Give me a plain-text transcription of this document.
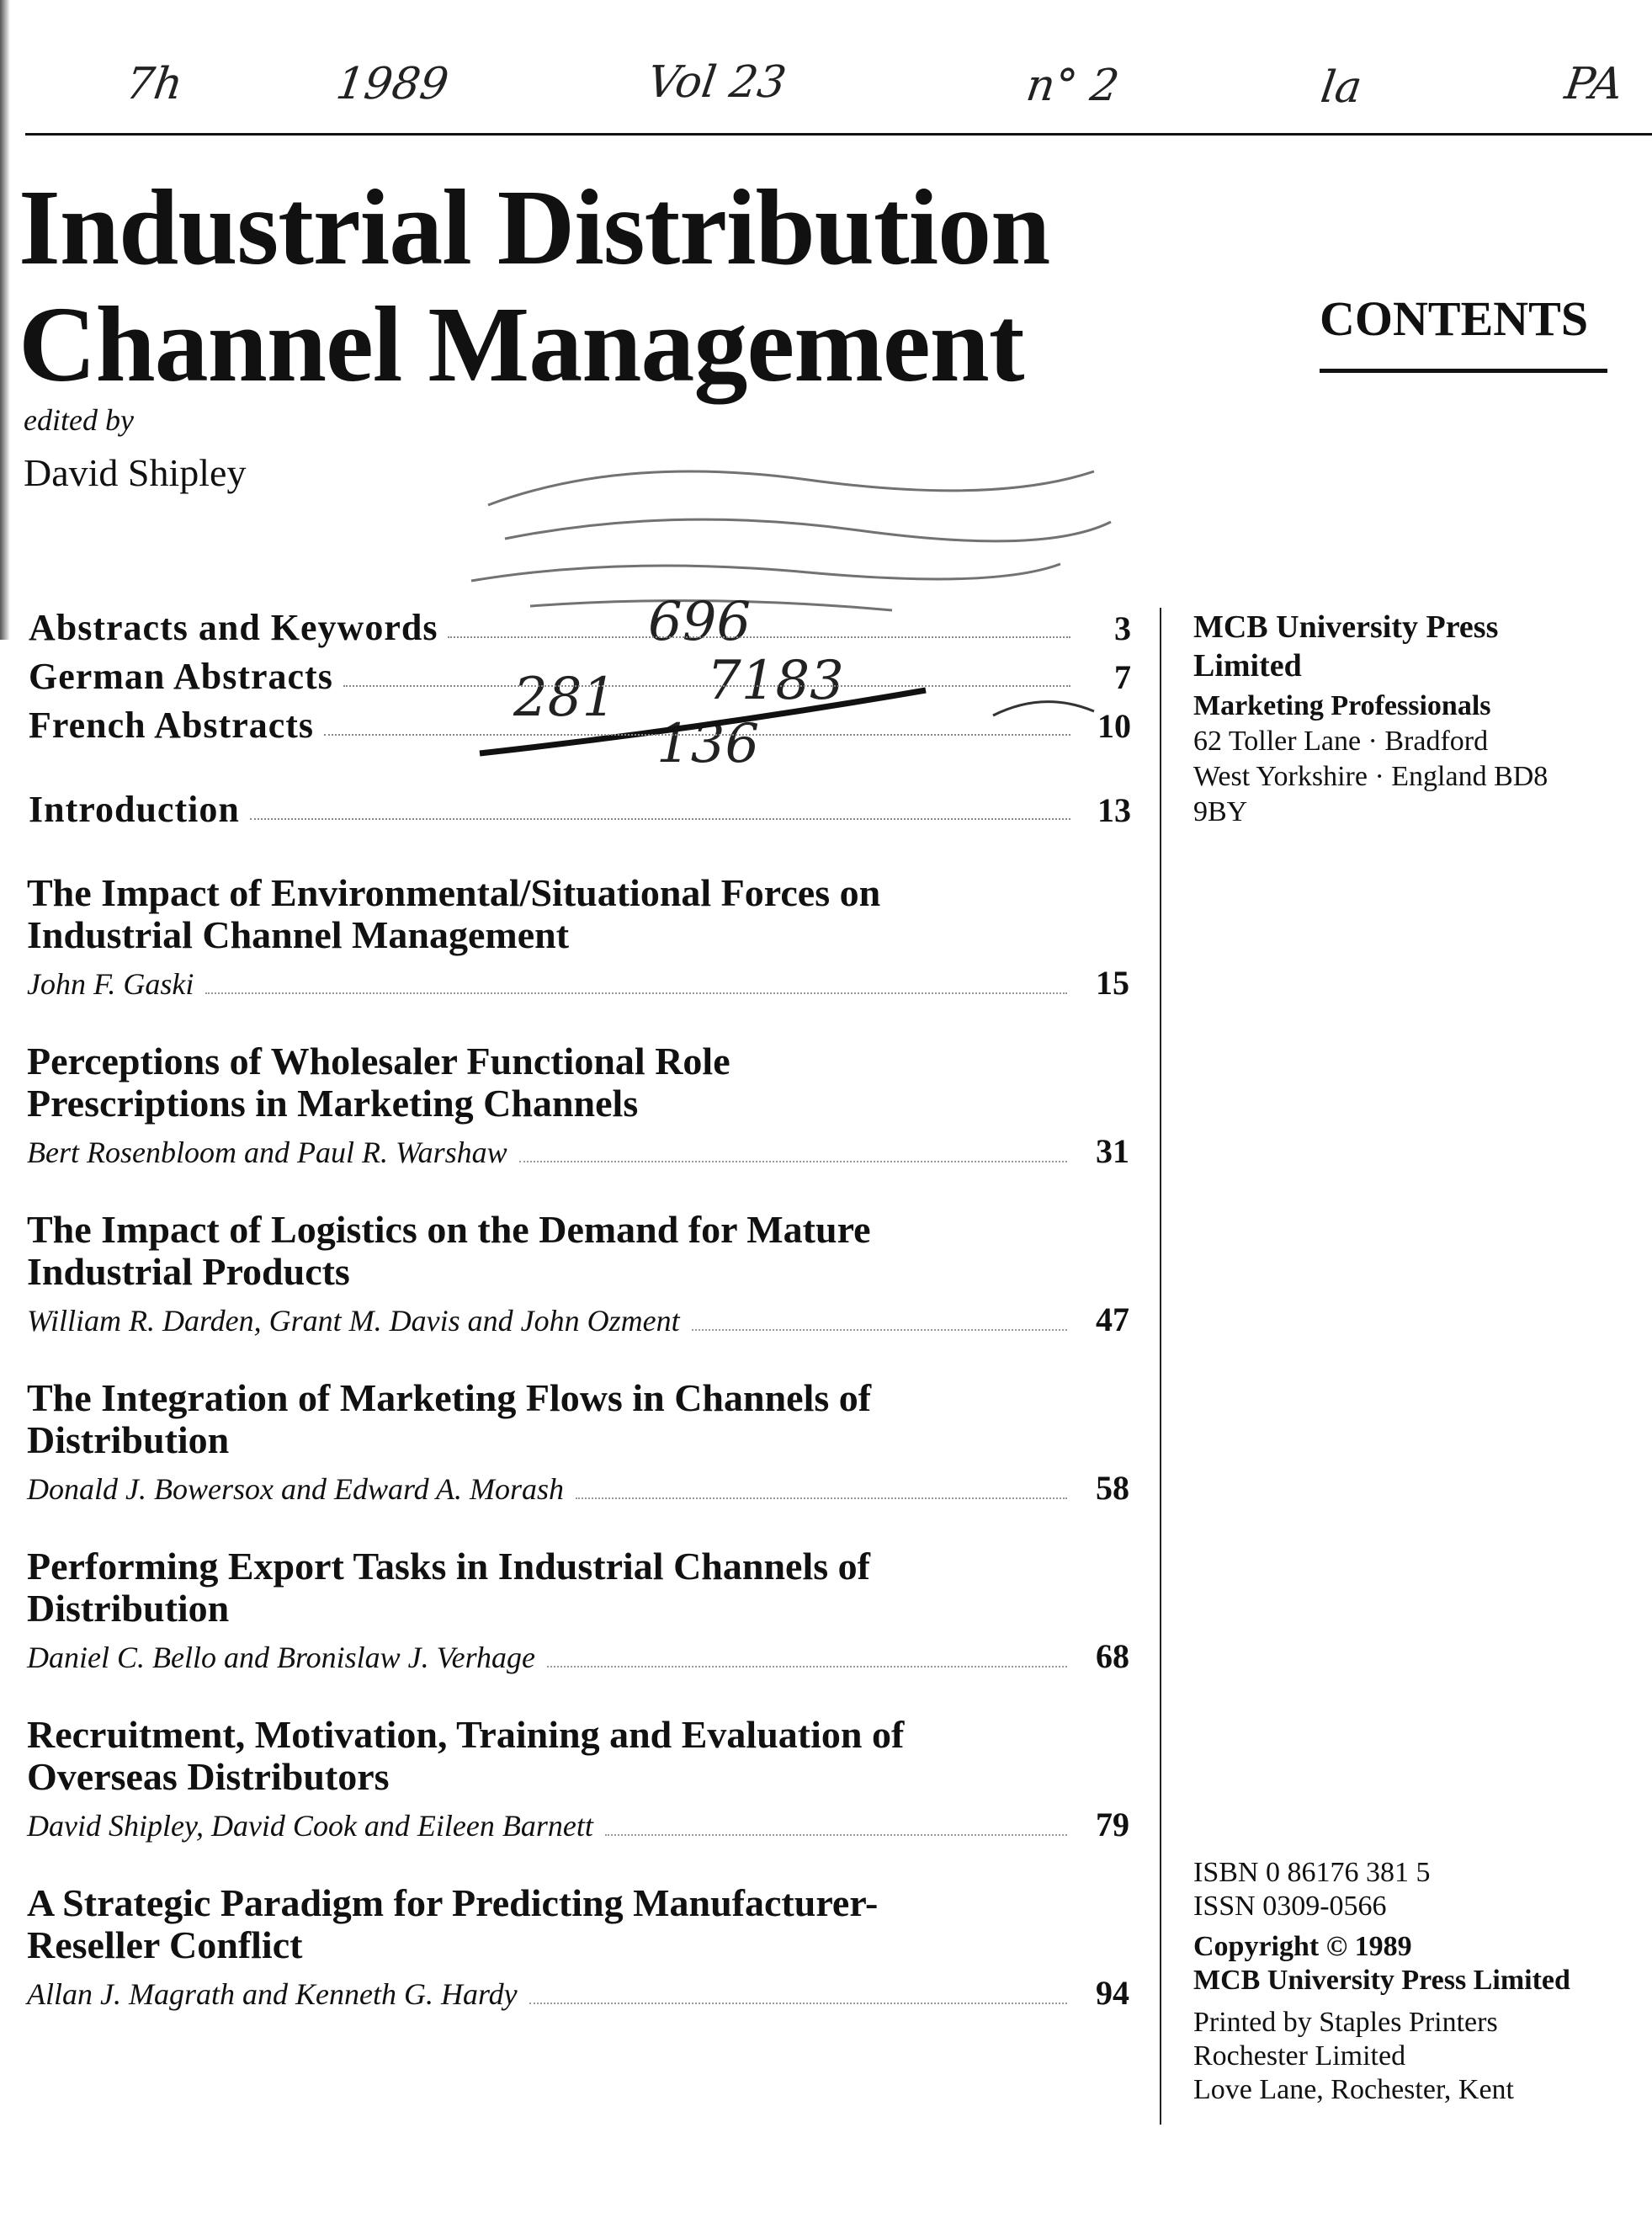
7h	1989	Vol 23	n° 2	la	PA
Industrial Distribution
Channel Management
edited by
David Shipley
CONTENTS
696
281 7183
136
Abstracts and Keywords	3
German Abstracts	7
French Abstracts	10
Introduction	13
The Impact of Environmental/Situational Forces on
Industrial Channel Management
John F. Gaski	15
Perceptions of Wholesaler Functional Role
Prescriptions in Marketing Channels
Bert Rosenbloom and Paul R. Warshaw	31
The Impact of Logistics on the Demand for Mature
Industrial Products
William R. Darden, Grant M. Davis and John Ozment	47
The Integration of Marketing Flows in Channels of
Distribution
Donald J. Bowersox and Edward A. Morash	58
Performing Export Tasks in Industrial Channels of
Distribution
Daniel C. Bello and Bronislaw J. Verhage	68
Recruitment, Motivation, Training and Evaluation of
Overseas Distributors
David Shipley, David Cook and Eileen Barnett	79
A Strategic Paradigm for Predicting Manufacturer-
Reseller Conflict
Allan J. Magrath and Kenneth G. Hardy	94
MCB University Press
Limited
Marketing Professionals
62 Toller Lane · Bradford
West Yorkshire · England BD8
9BY
ISBN 0 86176 381 5
ISSN 0309-0566
Copyright © 1989
MCB University Press Limited
Printed by Staples Printers
Rochester Limited
Love Lane, Rochester, Kent
